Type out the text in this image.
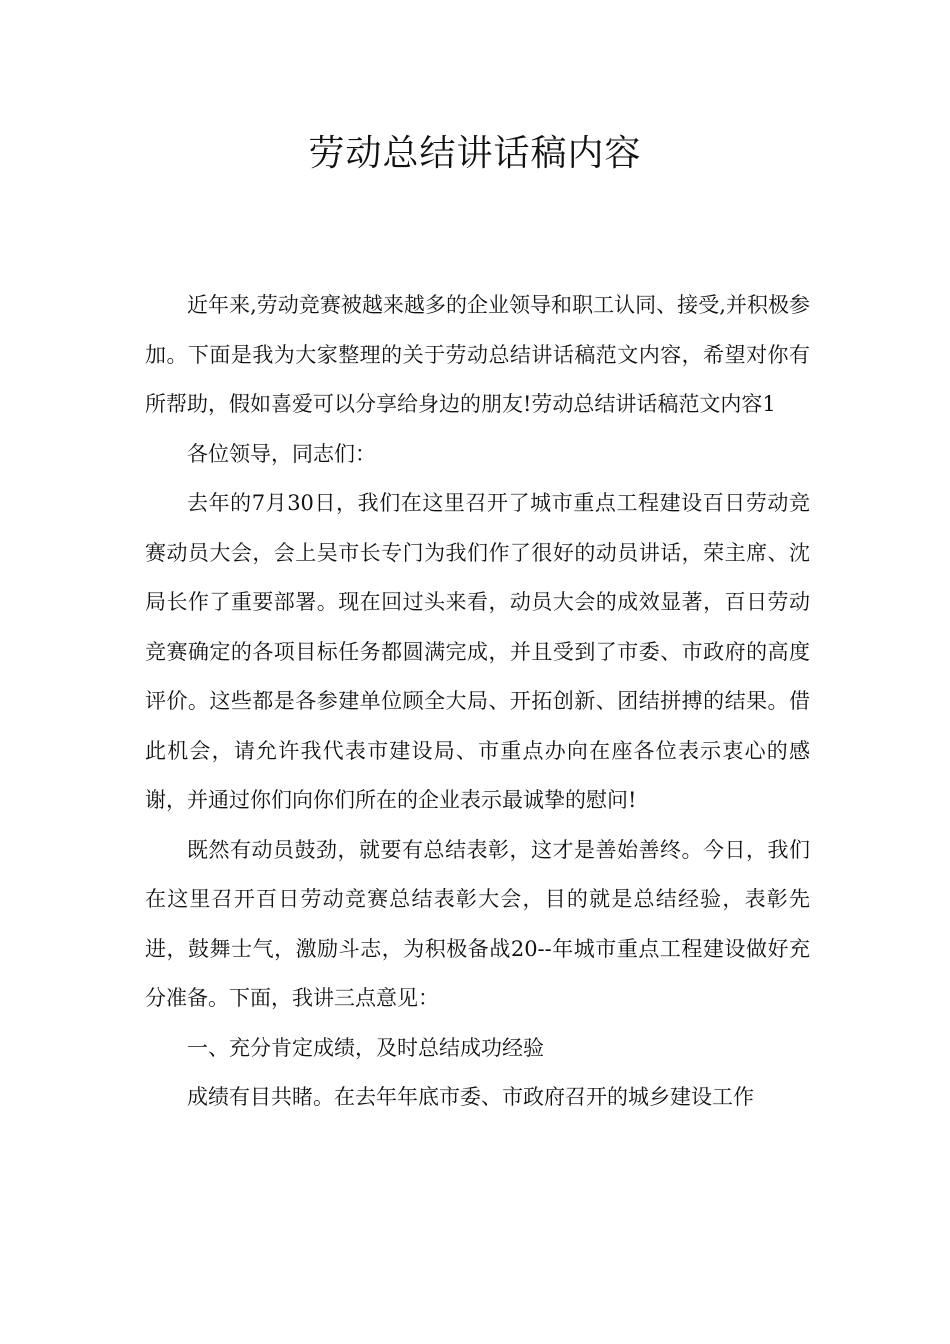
劳动总结讲话稿内容

近年来,劳动竞赛被越来越多的企业领导和职工认同、接受,并积极参加。下面是我为大家整理的关于劳动总结讲话稿范文内容，希望对你有所帮助，假如喜爱可以分享给身边的朋友!劳动总结讲话稿范文内容1

各位领导，同志们：

去年的7月30日，我们在这里召开了城市重点工程建设百日劳动竞赛动员大会，会上吴市长专门为我们作了很好的动员讲话，荣主席、沈局长作了重要部署。现在回过头来看，动员大会的成效显著，百日劳动竞赛确定的各项目标任务都圆满完成，并且受到了市委、市政府的高度评价。这些都是各参建单位顾全大局、开拓创新、团结拼搏的结果。借此机会，请允许我代表市建设局、市重点办向在座各位表示衷心的感谢，并通过你们向你们所在的企业表示最诚挚的慰问!

既然有动员鼓劲，就要有总结表彰，这才是善始善终。今日，我们在这里召开百日劳动竞赛总结表彰大会，目的就是总结经验，表彰先进，鼓舞士气，激励斗志，为积极备战20--年城市重点工程建设做好充分准备。下面，我讲三点意见：

一、充分肯定成绩，及时总结成功经验

成绩有目共睹。在去年年底市委、市政府召开的城乡建设工作
